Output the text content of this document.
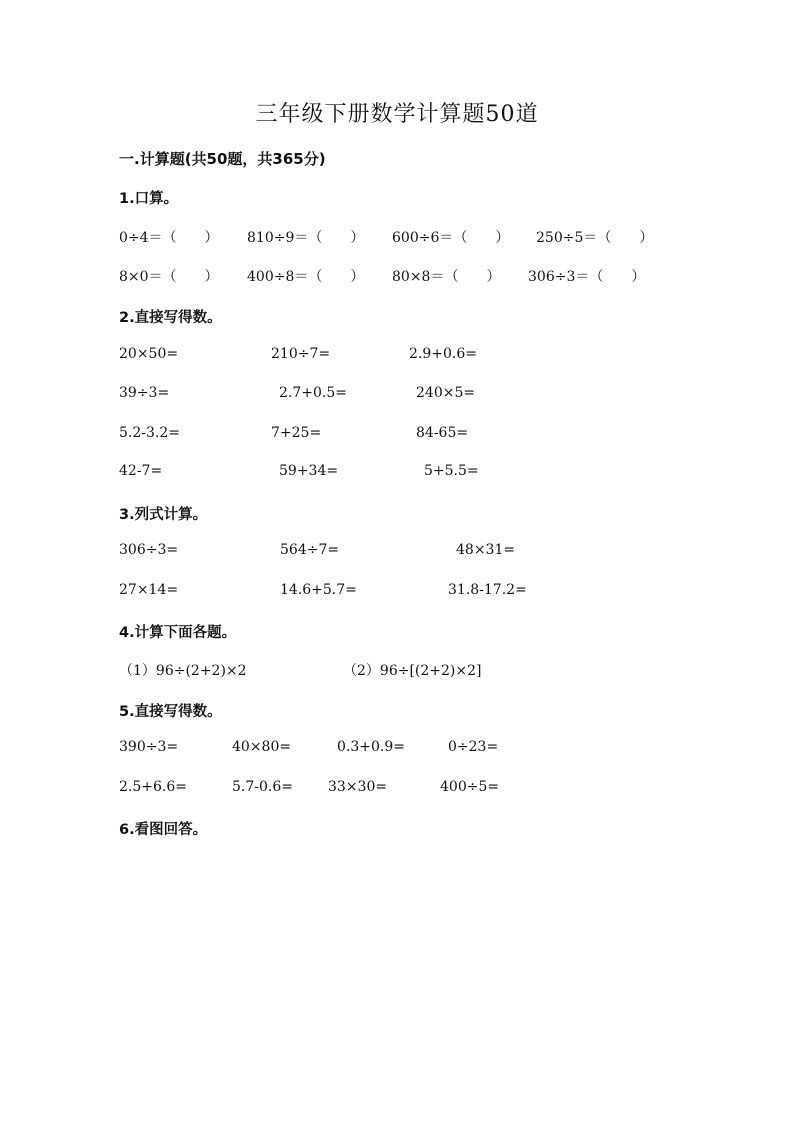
三年级下册数学计算题50道
一.计算题(共50题，共365分)
1.口算。
0÷4＝（　　） 810÷9＝（　　） 600÷6＝（　　） 250÷5＝（　　）
8×0＝（　　） 400÷8＝（　　） 80×8＝（　　） 306÷3＝（　　）
2.直接写得数。
20×50=	210÷7=	2.9+0.6=
39÷3=	2.7+0.5=	240×5=
5.2-3.2=	7+25=	84-65=
42-7=	59+34=	5+5.5=
3.列式计算。
306÷3=	564÷7=	48×31=
27×14=	14.6+5.7=	31.8-17.2=
4.计算下面各题。
（1）96÷(2+2)×2	（2）96÷[(2+2)×2]
5.直接写得数。
390÷3=	40×80=	0.3+0.9=	0÷23=
2.5+6.6=	5.7-0.6=	33×30=	400÷5=
6.看图回答。
